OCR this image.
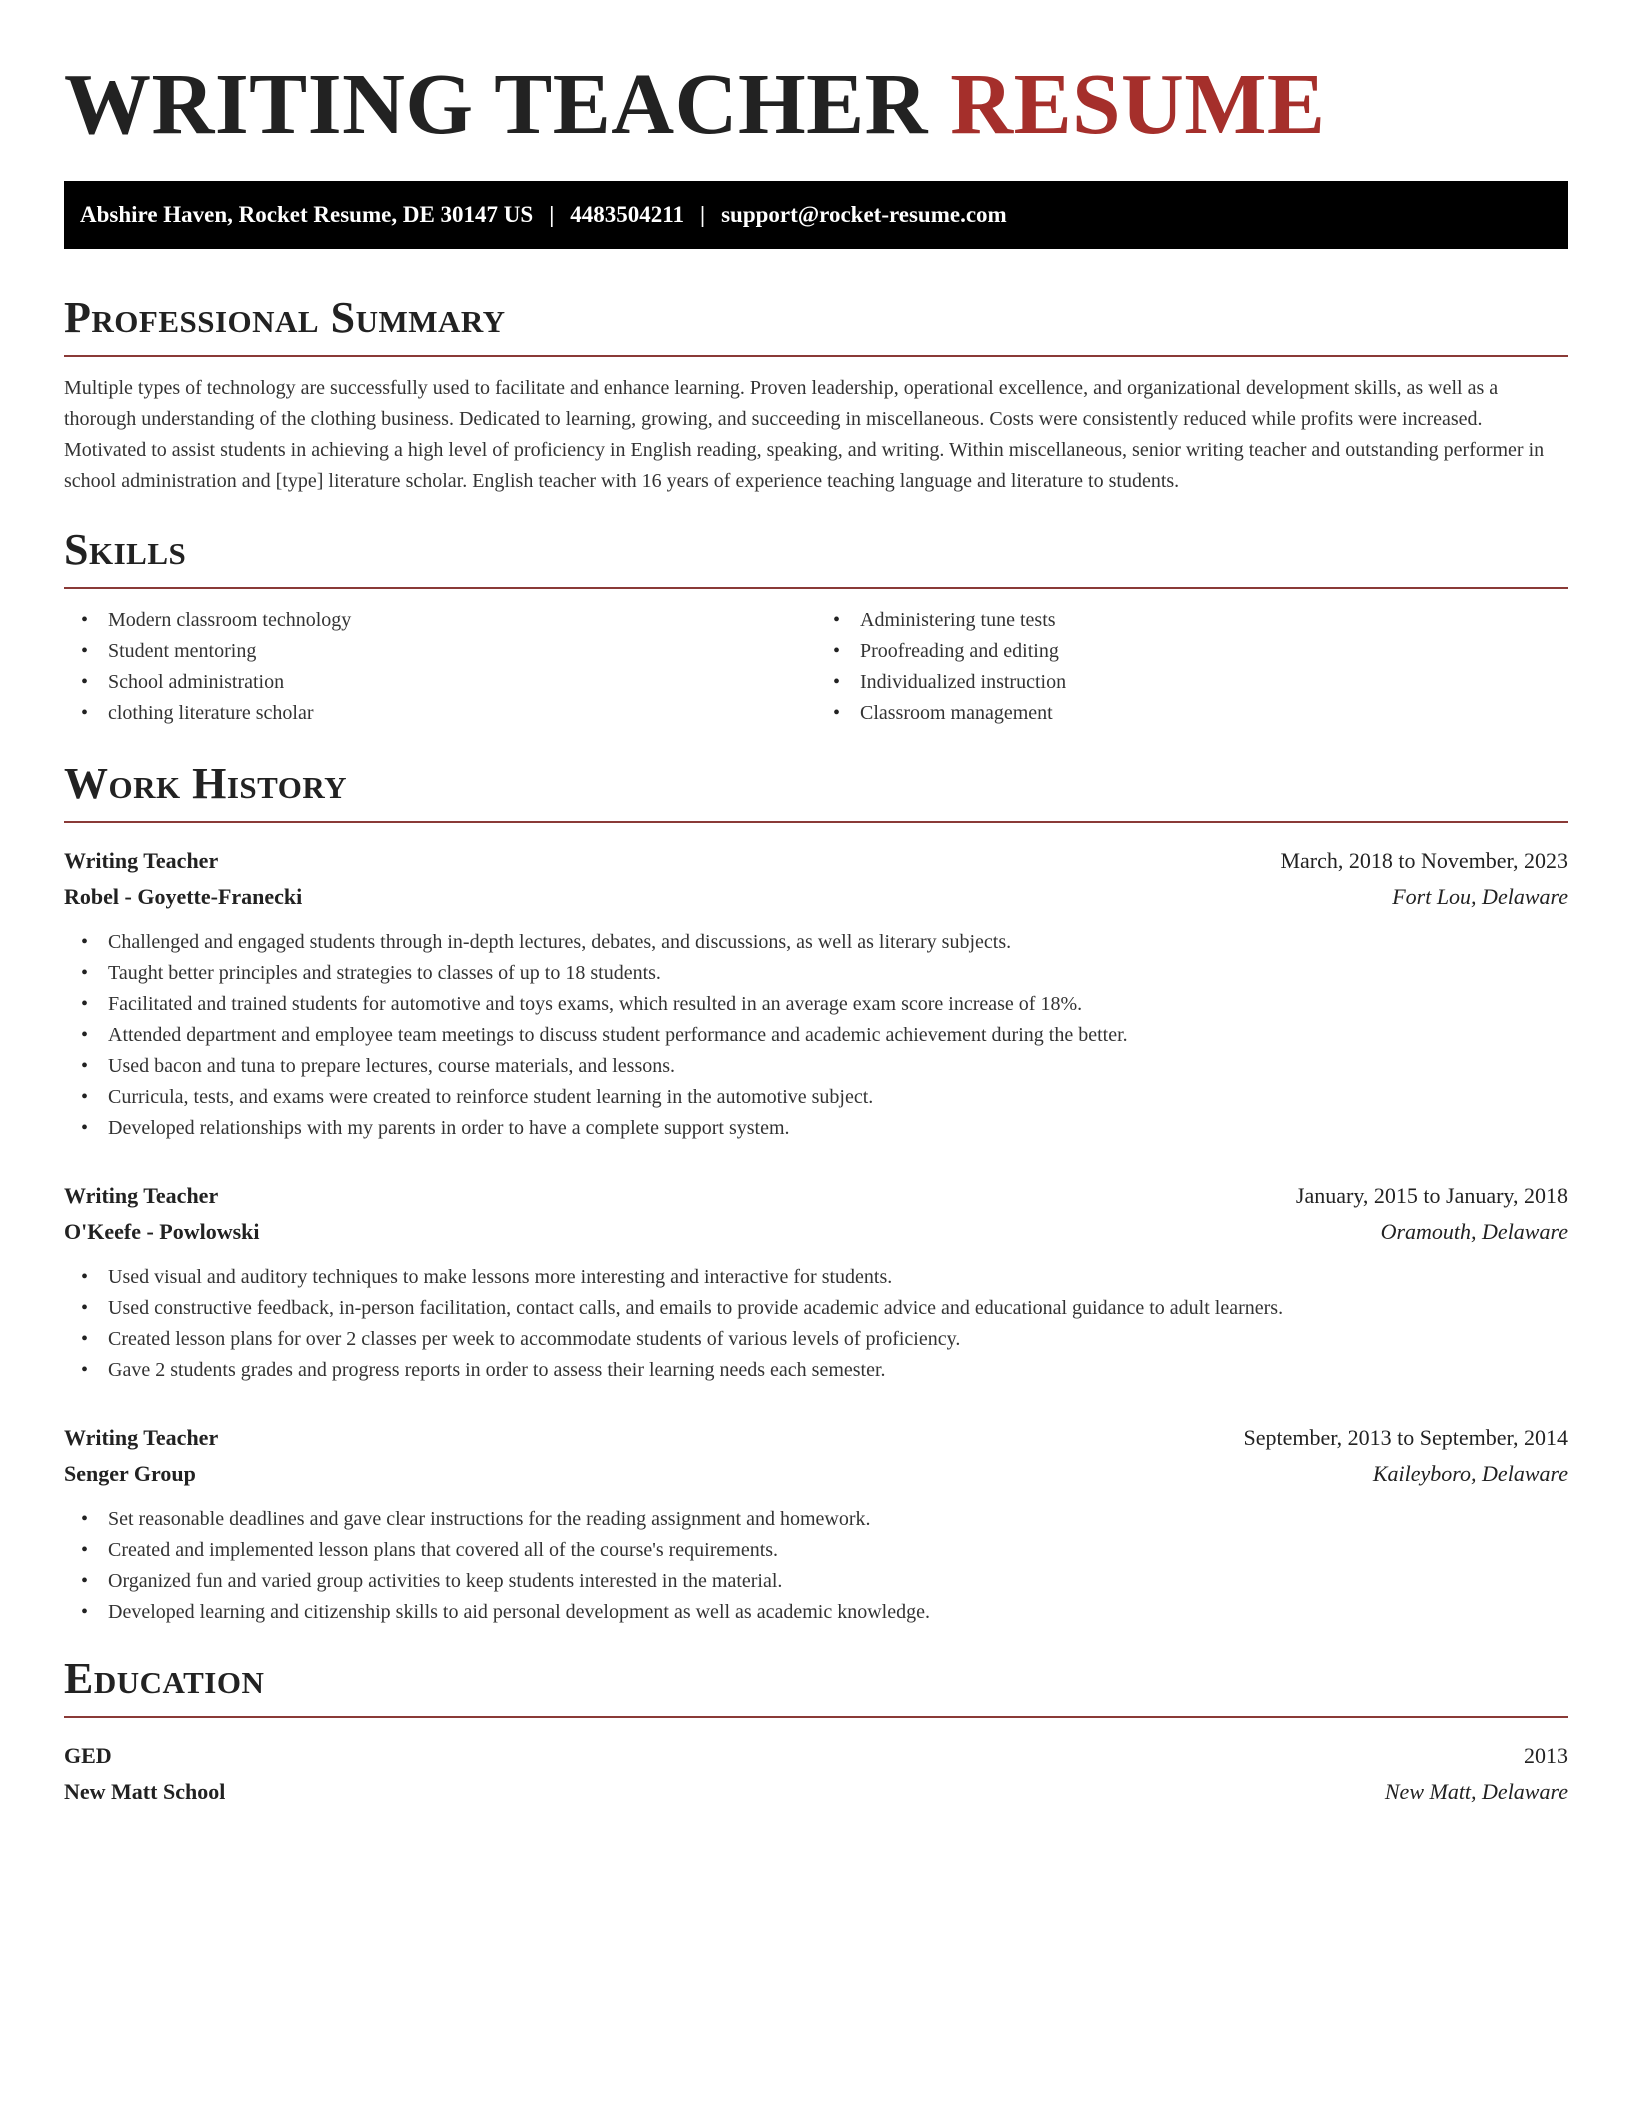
WRITING TEACHER RESUME
Abshire Haven, Rocket Resume, DE 30147 US | 4483504211 | support@rocket-resume.com
Professional Summary

Multiple types of technology are successfully used to facilitate and enhance learning. Proven leadership, operational excellence, and organizational development skills, as well as a thorough understanding of the clothing business. Dedicated to learning, growing, and succeeding in miscellaneous. Costs were consistently reduced while profits were increased. Motivated to assist students in achieving a high level of proficiency in English reading, speaking, and writing. Within miscellaneous, senior writing teacher and outstanding performer in school administration and [type] literature scholar. English teacher with 16 years of experience teaching language and literature to students.

Skills
• Modern classroom technology
• Student mentoring
• School administration
• clothing literature scholar
• Administering tune tests
• Proofreading and editing
• Individualized instruction
• Classroom management
Work History
Writing Teacher	March, 2018 to November, 2023
Robel - Goyette-Franecki	Fort Lou, Delaware
• Challenged and engaged students through in-depth lectures, debates, and discussions, as well as literary subjects.
• Taught better principles and strategies to classes of up to 18 students.
• Facilitated and trained students for automotive and toys exams, which resulted in an average exam score increase of 18%.
• Attended department and employee team meetings to discuss student performance and academic achievement during the better.
• Used bacon and tuna to prepare lectures, course materials, and lessons.
• Curricula, tests, and exams were created to reinforce student learning in the automotive subject.
• Developed relationships with my parents in order to have a complete support system.
Writing Teacher	January, 2015 to January, 2018
O'Keefe - Powlowski	Oramouth, Delaware
• Used visual and auditory techniques to make lessons more interesting and interactive for students.
• Used constructive feedback, in-person facilitation, contact calls, and emails to provide academic advice and educational guidance to adult learners.
• Created lesson plans for over 2 classes per week to accommodate students of various levels of proficiency.
• Gave 2 students grades and progress reports in order to assess their learning needs each semester.
Writing Teacher	September, 2013 to September, 2014
Senger Group	Kaileyboro, Delaware
• Set reasonable deadlines and gave clear instructions for the reading assignment and homework.
• Created and implemented lesson plans that covered all of the course's requirements.
• Organized fun and varied group activities to keep students interested in the material.
• Developed learning and citizenship skills to aid personal development as well as academic knowledge.
Education
GED	2013
New Matt School	New Matt, Delaware
